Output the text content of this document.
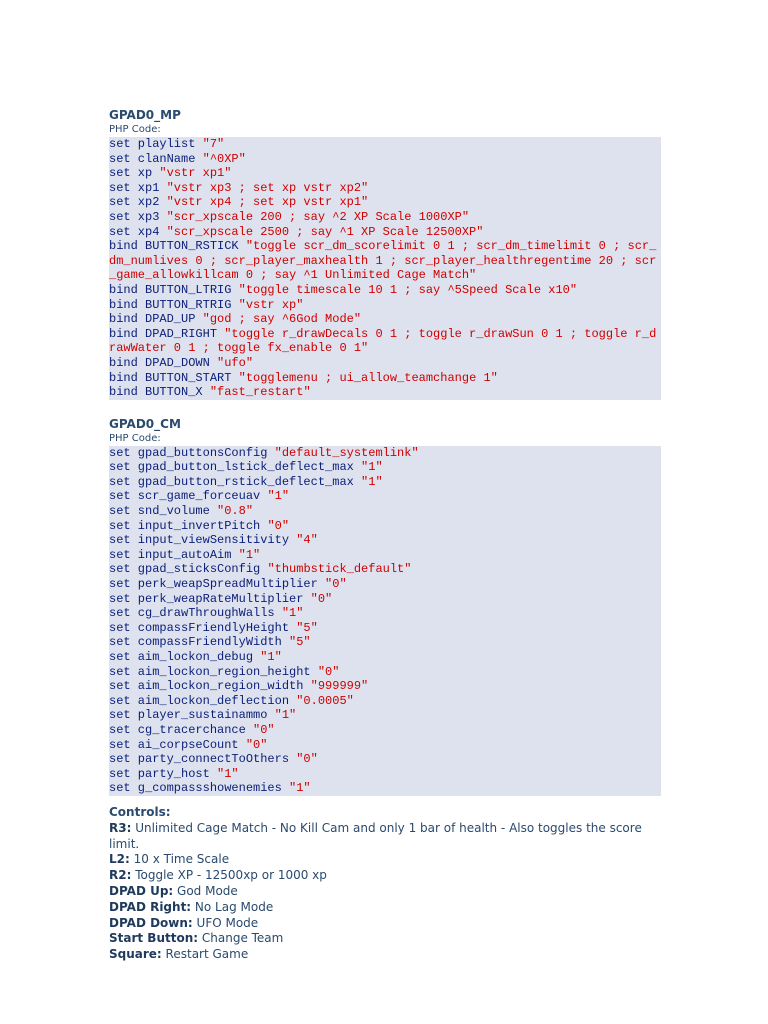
GPAD0_MP
PHP Code:
set playlist "7"
set clanName "^0XP"
set xp "vstr xp1"
set xp1 "vstr xp3 ; set xp vstr xp2"
set xp2 "vstr xp4 ; set xp vstr xp1"
set xp3 "scr_xpscale 200 ; say ^2 XP Scale 1000XP"
set xp4 "scr_xpscale 2500 ; say ^1 XP Scale 12500XP"
bind BUTTON_RSTICK "toggle scr_dm_scorelimit 0 1 ; scr_dm_timelimit 0 ; scr_dm_numlives 0 ; scr_player_maxhealth 1 ; scr_player_healthregentime 20 ; scr_game_allowkillcam 0 ; say ^1 Unlimited Cage Match"
bind BUTTON_LTRIG "toggle timescale 10 1 ; say ^5Speed Scale x10"
bind BUTTON_RTRIG "vstr xp"
bind DPAD_UP "god ; say ^6God Mode"
bind DPAD_RIGHT "toggle r_drawDecals 0 1 ; toggle r_drawSun 0 1 ; toggle r_drawWater 0 1 ; toggle fx_enable 0 1"
bind DPAD_DOWN "ufo"
bind BUTTON_START "togglemenu ; ui_allow_teamchange 1"
bind BUTTON_X "fast_restart"
GPAD0_CM
PHP Code:
set gpad_buttonsConfig "default_systemlink"
set gpad_button_lstick_deflect_max "1"
set gpad_button_rstick_deflect_max "1"
set scr_game_forceuav "1"
set snd_volume "0.8"
set input_invertPitch "0"
set input_viewSensitivity "4"
set input_autoAim "1"
set gpad_sticksConfig "thumbstick_default"
set perk_weapSpreadMultiplier "0"
set perk_weapRateMultiplier "0"
set cg_drawThroughWalls "1"
set compassFriendlyHeight "5"
set compassFriendlyWidth "5"
set aim_lockon_debug "1"
set aim_lockon_region_height "0"
set aim_lockon_region_width "999999"
set aim_lockon_deflection "0.0005"
set player_sustainammo "1"
set cg_tracerchance "0"
set ai_corpseCount "0"
set party_connectToOthers "0"
set party_host "1"
set g_compassshowenemies "1"
Controls:
R3: Unlimited Cage Match - No Kill Cam and only 1 bar of health - Also toggles the score limit.
L2: 10 x Time Scale
R2: Toggle XP - 12500xp or 1000 xp
DPAD Up: God Mode
DPAD Right: No Lag Mode
DPAD Down: UFO Mode
Start Button: Change Team
Square: Restart Game
